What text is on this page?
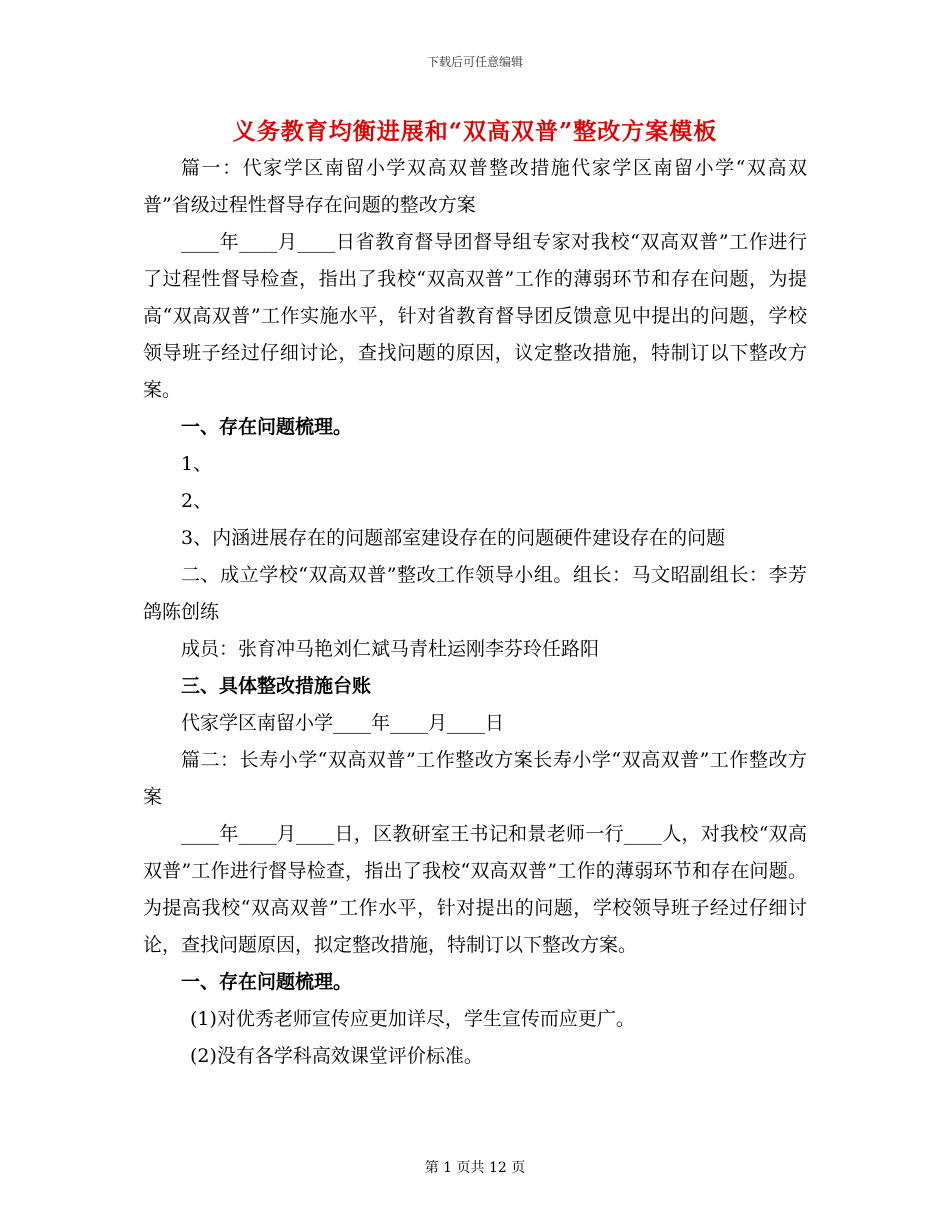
下载后可任意编辑
义务教育均衡进展和“双高双普”整改方案模板

篇一：代家学区南留小学双高双普整改措施代家学区南留小学“双高双普”省级过程性督导存在问题的整改方案

____年____月____日省教育督导团督导组专家对我校“双高双普”工作进行了过程性督导检查，指出了我校“双高双普”工作的薄弱环节和存在问题，为提高“双高双普”工作实施水平，针对省教育督导团反馈意见中提出的问题，学校领导班子经过仔细讨论，查找问题的原因，议定整改措施，特制订以下整改方案。

一、存在问题梳理。

1、

2、

3、内涵进展存在的问题部室建设存在的问题硬件建设存在的问题

二、成立学校“双高双普”整改工作领导小组。组长：马文昭副组长：李芳鸽陈创练

成员：张育冲马艳刘仁斌马青杜运刚李芬玲任路阳

三、具体整改措施台账

代家学区南留小学____年____月____日

篇二：长寿小学“双高双普”工作整改方案长寿小学“双高双普”工作整改方案

____年____月____日，区教研室王书记和景老师一行____人，对我校“双高双普”工作进行督导检查，指出了我校“双高双普”工作的薄弱环节和存在问题。为提高我校“双高双普”工作水平，针对提出的问题，学校领导班子经过仔细讨论，查找问题原因，拟定整改措施，特制订以下整改方案。

一、存在问题梳理。

(1)对优秀老师宣传应更加详尽，学生宣传而应更广。

(2)没有各学科高效课堂评价标准。

第 1 页共 12 页
